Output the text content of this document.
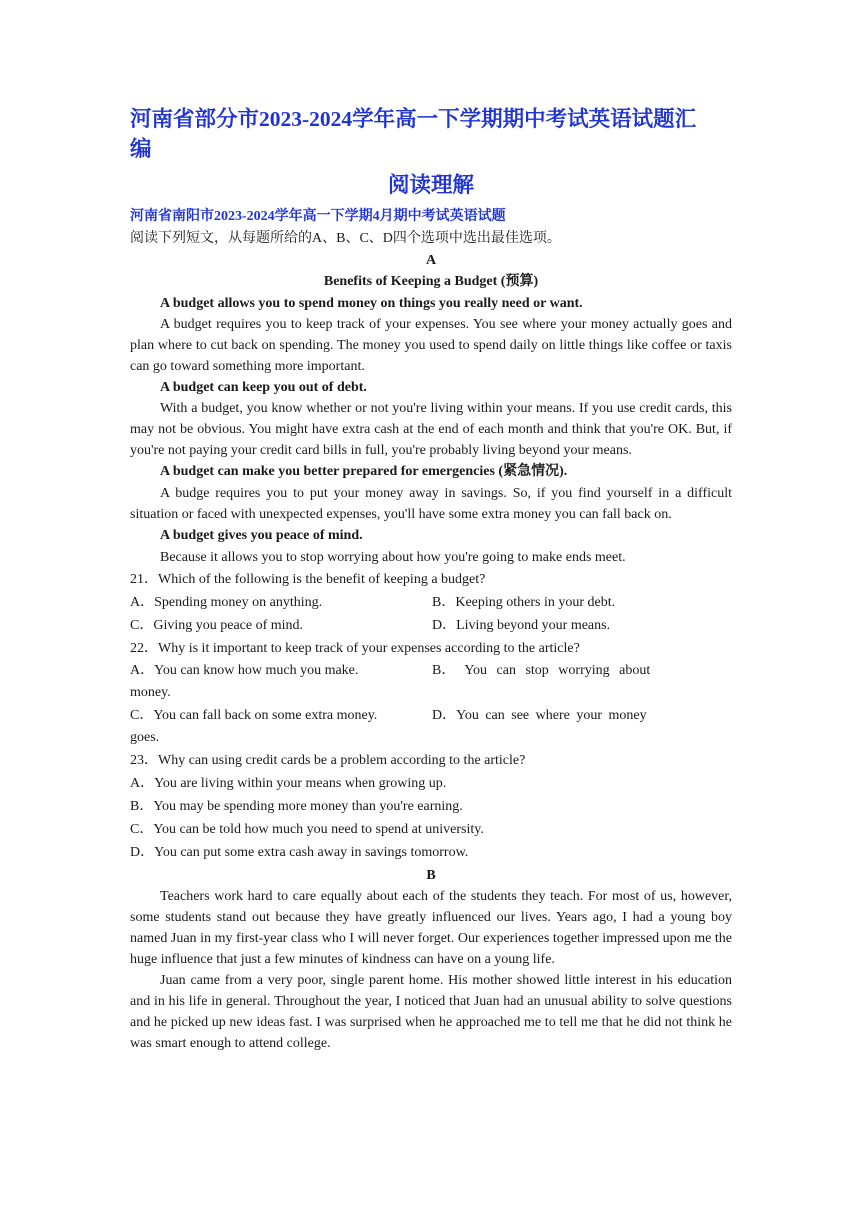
河南省部分市2023-2024学年高一下学期期中考试英语试题汇
编

阅读理解

河南省南阳市2023-2024学年高一下学期4月期中考试英语试题

阅读下列短文，从每题所给的A、B、C、D四个选项中选出最佳选项。

A

Benefits of Keeping a Budget (预算)

A budget allows you to spend money on things you really need or want.

A budget requires you to keep track of your expenses. You see where your money actually goes and plan where to cut back on spending. The money you used to spend daily on little things like coffee or taxis can go toward something more important.

A budget can keep you out of debt.

With a budget, you know whether or not you're living within your means. If you use credit cards, this may not be obvious. You might have extra cash at the end of each month and think that you're OK. But, if you're not paying your credit card bills in full, you're probably living beyond your means.

A budget can make you better prepared for emergencies (紧急情况).

A budge requires you to put your money away in savings. So, if you find yourself in a difficult situation or faced with unexpected expenses, you'll have some extra money you can fall back on.

A budget gives you peace of mind.

Because it allows you to stop worrying about how you're going to make ends meet.

21．Which of the following is the benefit of keeping a budget?

A．Spending money on anything.	B．Keeping others in your debt.
C．Giving you peace of mind.	D．Living beyond your means.

22．Why is it important to keep track of your expenses according to the article?

A．You can know how much you make.	B． You can stop worrying about
money.
C．You can fall back on some extra money.	D．You can see where your money
goes.

23．Why can using credit cards be a problem according to the article?

A．You are living within your means when growing up.

B．You may be spending more money than you're earning.

C．You can be told how much you need to spend at university.

D．You can put some extra cash away in savings tomorrow.

B

Teachers work hard to care equally about each of the students they teach. For most of us, however, some students stand out because they have greatly influenced our lives. Years ago, I had a young boy named Juan in my first-year class who I will never forget. Our experiences together impressed upon me the huge influence that just a few minutes of kindness can have on a young life.

Juan came from a very poor, single parent home. His mother showed little interest in his education and in his life in general. Throughout the year, I noticed that Juan had an unusual ability to solve questions and he picked up new ideas fast. I was surprised when he approached me to tell me that he did not think he was smart enough to attend college.
